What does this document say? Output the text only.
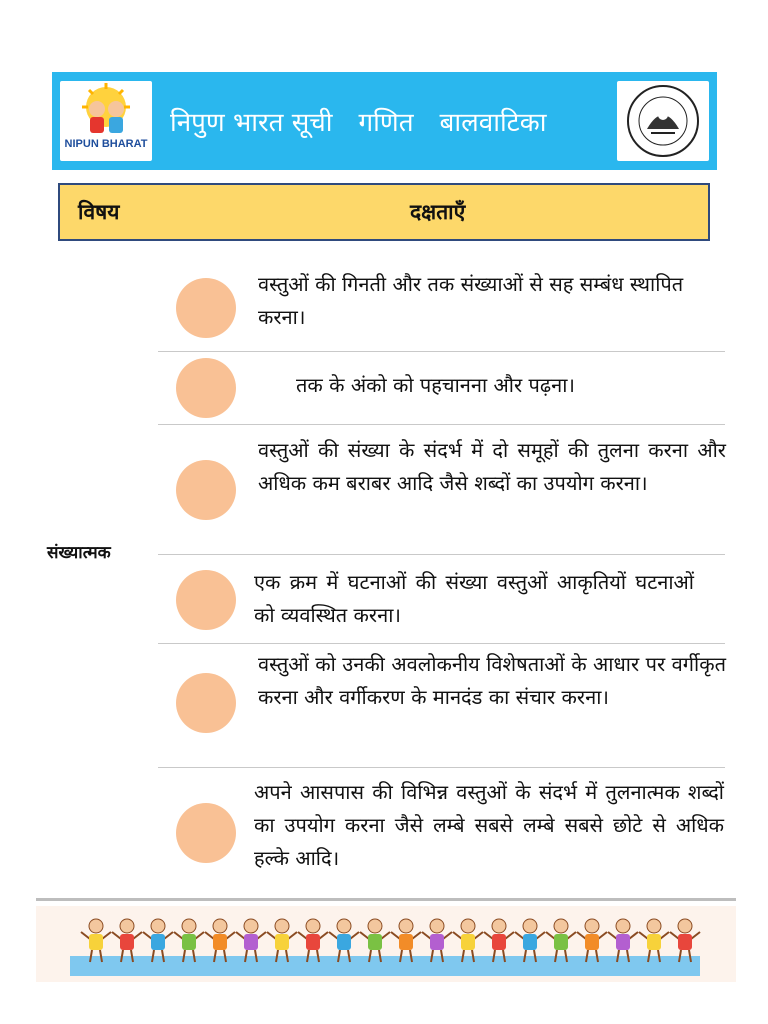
NIPUN BHARAT
निपुण भारत सूची गणित बालवाटिका
विषय	दक्षताएँ
संख्यात्मक
वस्तुओं की गिनती और तक संख्याओं से सह सम्बंध स्थापित करना।
तक के अंको को पहचानना और पढ़ना।
वस्तुओं की संख्या के संदर्भ में दो समूहों की तुलना करना और अधिक कम बराबर आदि जैसे शब्दों का उपयोग करना।
एक क्रम में घटनाओं की संख्या वस्तुओं आकृतियों घटनाओं को व्यवस्थित करना।
वस्तुओं को उनकी अवलोकनीय विशेषताओं के आधार पर वर्गीकृत करना और वर्गीकरण के मानदंड का संचार करना।
अपने आसपास की विभिन्न वस्तुओं के संदर्भ में तुलनात्मक शब्दों का उपयोग करना जैसे लम्बे सबसे लम्बे सबसे छोटे से अधिक हल्के आदि।
